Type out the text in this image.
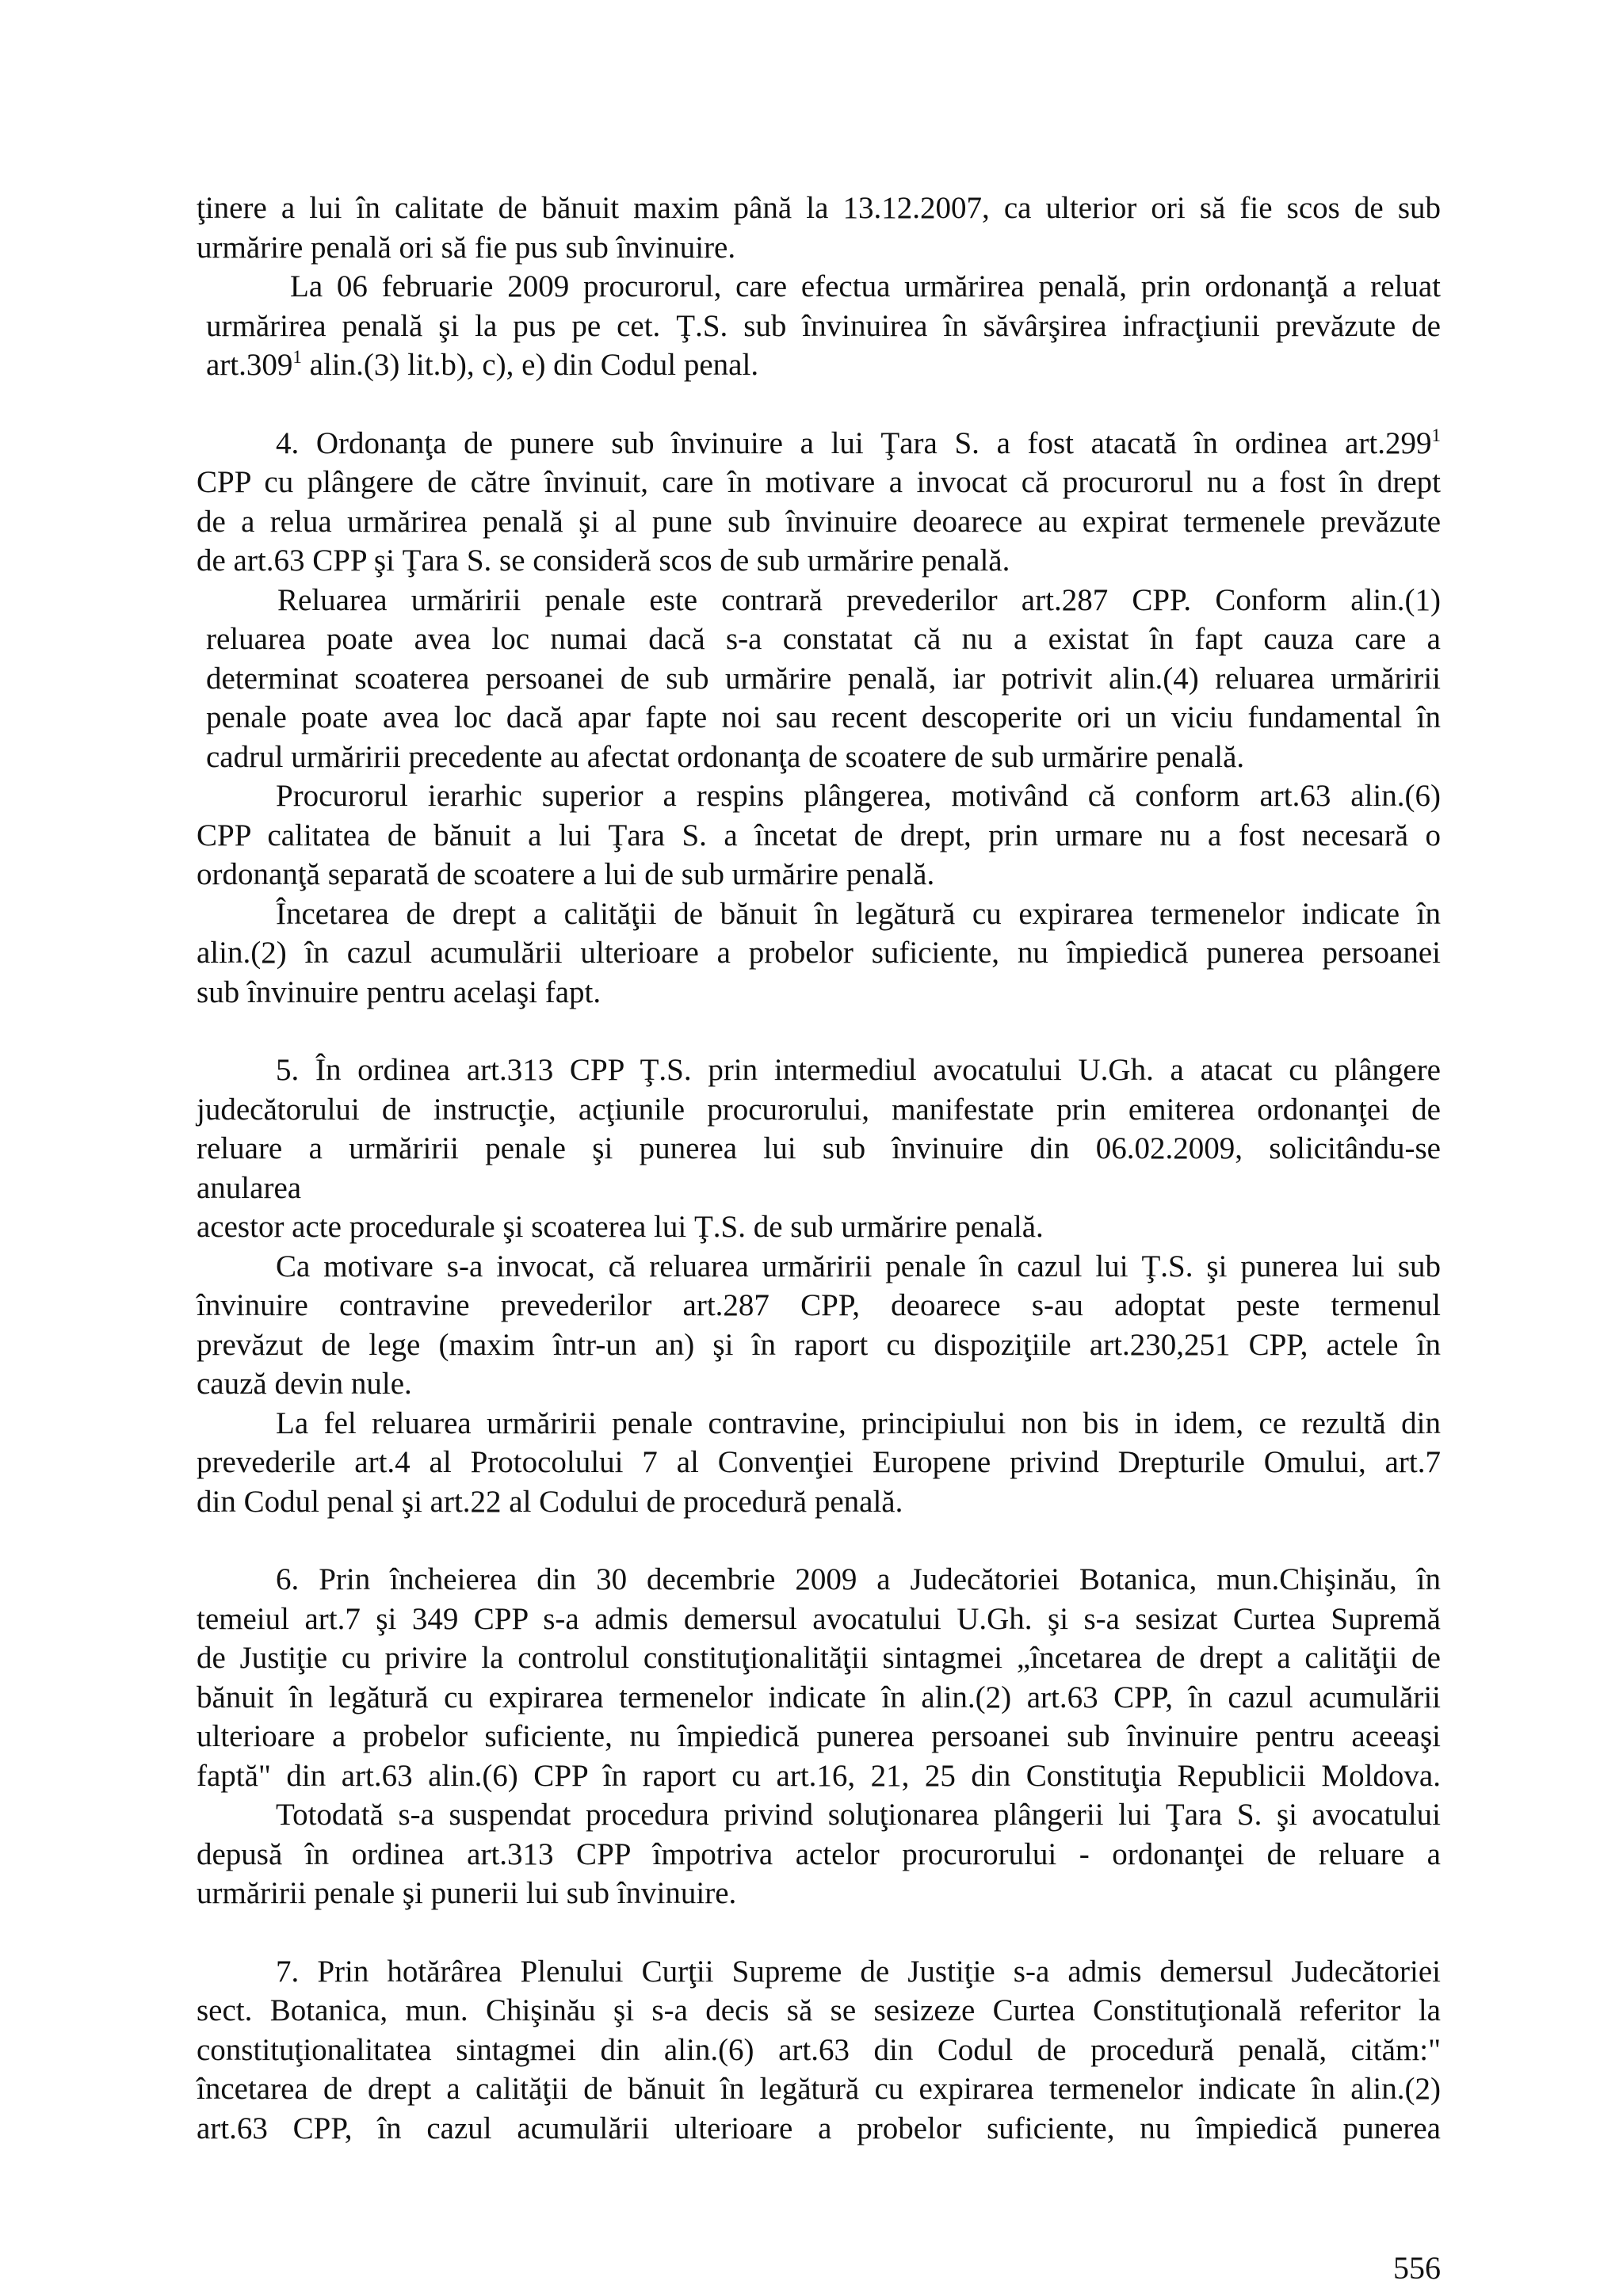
ţinere a lui în calitate de bănuit maxim până la 13.12.2007, ca ulterior ori să fie scos de sub
urmărire penală ori să fie pus sub învinuire.
La 06 februarie 2009 procurorul, care efectua urmărirea penală, prin ordonanţă a reluat
urmărirea penală şi la pus pe cet. Ţ.S. sub învinuirea în săvârşirea infracţiunii prevăzute de
art.309$^1$ alin.(3) lit.b), c), e) din Codul penal.
4. Ordonanţa de punere sub învinuire a lui Ţara S. a fost atacată în ordinea art.299$^1$
CPP cu plângere de către învinuit, care în motivare a invocat că procurorul nu a fost în drept
de a relua urmărirea penală şi al pune sub învinuire deoarece au expirat termenele prevăzute
de art.63 CPP şi Ţara S. se consideră scos de sub urmărire penală.
Reluarea urmăririi penale este contrară prevederilor art.287 CPP. Conform alin.(1)
reluarea poate avea loc numai dacă s-a constatat că nu a existat în fapt cauza care a
determinat scoaterea persoanei de sub urmărire penală, iar potrivit alin.(4) reluarea urmăririi
penale poate avea loc dacă apar fapte noi sau recent descoperite ori un viciu fundamental în
cadrul urmăririi precedente au afectat ordonanţa de scoatere de sub urmărire penală.
Procurorul ierarhic superior a respins plângerea, motivând că conform art.63 alin.(6)
CPP calitatea de bănuit a lui Ţara S. a încetat de drept, prin urmare nu a fost necesară o
ordonanţă separată de scoatere a lui de sub urmărire penală.
Încetarea de drept a calităţii de bănuit în legătură cu expirarea termenelor indicate în
alin.(2) în cazul acumulării ulterioare a probelor suficiente, nu împiedică punerea persoanei
sub învinuire pentru acelaşi fapt.
5. În ordinea art.313 CPP Ţ.S. prin intermediul avocatului U.Gh. a atacat cu plângere
judecătorului de instrucţie, acţiunile procurorului, manifestate prin emiterea ordonanţei de
reluare a urmăririi penale şi punerea lui sub învinuire din 06.02.2009, solicitându-se
anularea
acestor acte procedurale şi scoaterea lui Ţ.S. de sub urmărire penală.
Ca motivare s-a invocat, că reluarea urmăririi penale în cazul lui Ţ.S. şi punerea lui sub
învinuire contravine prevederilor art.287 CPP, deoarece s-au adoptat peste termenul
prevăzut de lege (maxim într-un an) şi în raport cu dispoziţiile art.230,251 CPP, actele în
cauză devin nule.
La fel reluarea urmăririi penale contravine, principiului non bis in idem, ce rezultă din
prevederile art.4 al Protocolului 7 al Convenţiei Europene privind Drepturile Omului, art.7
din Codul penal şi art.22 al Codului de procedură penală.
6. Prin încheierea din 30 decembrie 2009 a Judecătoriei Botanica, mun.Chişinău, în
temeiul art.7 şi 349 CPP s-a admis demersul avocatului U.Gh. şi s-a sesizat Curtea Supremă
de Justiţie cu privire la controlul constituţionalităţii sintagmei „încetarea de drept a calităţii de
bănuit în legătură cu expirarea termenelor indicate în alin.(2) art.63 CPP, în cazul acumulării
ulterioare a probelor suficiente, nu împiedică punerea persoanei sub învinuire pentru aceeaşi
faptă" din art.63 alin.(6) CPP în raport cu art.16, 21, 25 din Constituţia Republicii Moldova.
Totodată s-a suspendat procedura privind soluţionarea plângerii lui Ţara S. şi avocatului
depusă în ordinea art.313 CPP împotriva actelor procurorului - ordonanţei de reluare a
urmăririi penale şi punerii lui sub învinuire.
7. Prin hotărârea Plenului Curţii Supreme de Justiţie s-a admis demersul Judecătoriei
sect. Botanica, mun. Chişinău şi s-a decis să se sesizeze Curtea Constituţională referitor la
constituţionalitatea sintagmei din alin.(6) art.63 din Codul de procedură penală, cităm:"
încetarea de drept a calităţii de bănuit în legătură cu expirarea termenelor indicate în alin.(2)
art.63 CPP, în cazul acumulării ulterioare a probelor suficiente, nu împiedică punerea
556
